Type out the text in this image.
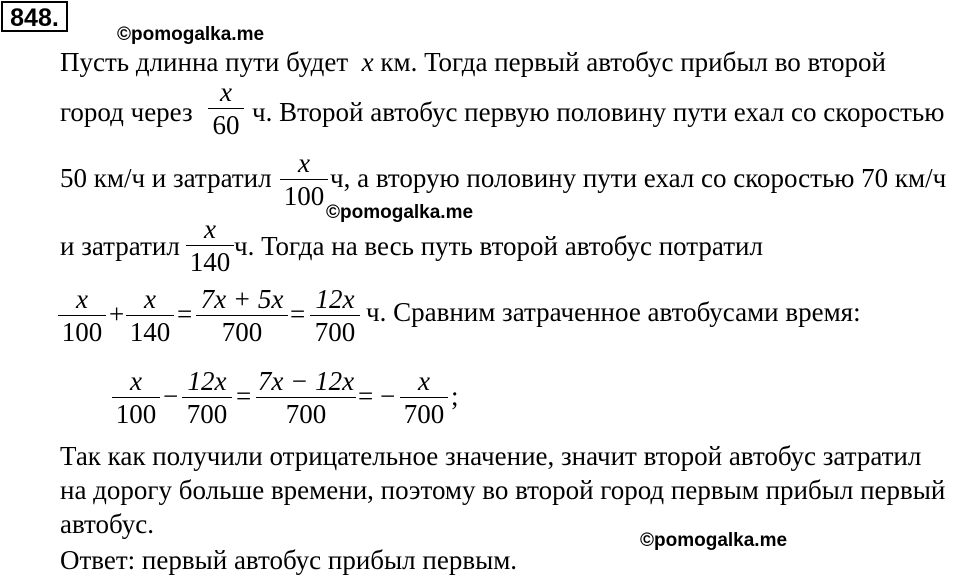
848.
©pomogalka.me
©pomogalka.me
©pomogalka.me
Пусть длинна пути будет x км. Тогда первый автобус прибыл во второй
город через
x
60 ч. Второй автобус первую половину пути ехал со скоростью
50 км/ч и затратил x
100
ч, а вторую половину пути ехал со скоростью 70 км/ч
и затратил
x
140
ч. Тогда на весь путь второй автобус потратил
x
100
+ x
140
= 7x + 5x
700
= 12x
700
ч. Сравним затраченное автобусами время:
x
100
− 12x
700
= 7x − 12x
700
= − x
700
;
Так как получили отрицательное значение, значит второй автобус затратил
на дорогу больше времени, поэтому во второй город первым прибыл первый
автобус.
Ответ: первый автобус прибыл первым.
